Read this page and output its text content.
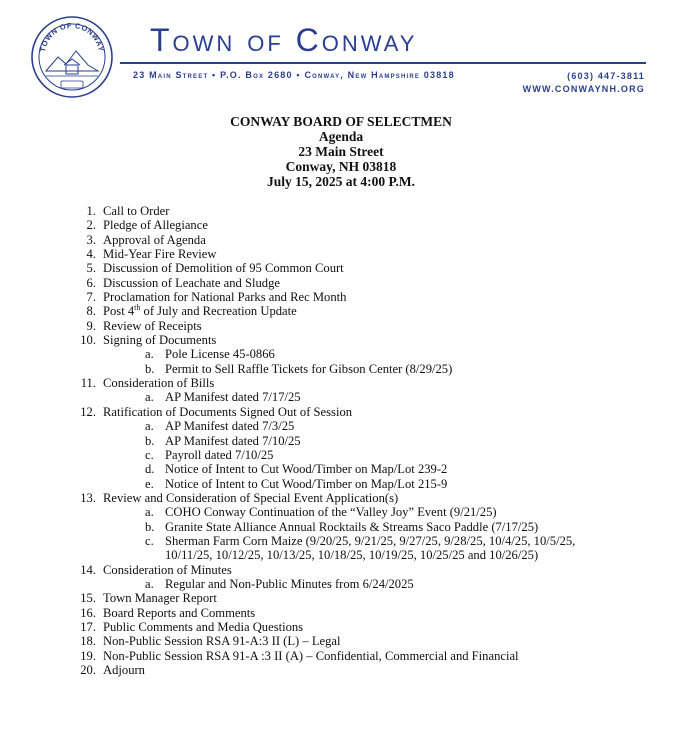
TOWN OF CONWAY Town of Conway
23 Main Street • P.O. Box 2680 • Conway, New Hampshire 03818	(603) 447-3811
WWW.CONWAYNH.ORG
CONWAY BOARD OF SELECTMEN
Agenda
23 Main Street
Conway, NH 03818
July 15, 2025 at 4:00 P.M.
1. Call to Order
2. Pledge of Allegiance
3. Approval of Agenda
4. Mid-Year Fire Review
5. Discussion of Demolition of 95 Common Court
6. Discussion of Leachate and Sludge
7. Proclamation for National Parks and Rec Month
8. Post 4th of July and Recreation Update
9. Review of Receipts
10. Signing of Documents
a. Pole License 45-0866
b. Permit to Sell Raffle Tickets for Gibson Center (8/29/25)
11. Consideration of Bills
a. AP Manifest dated 7/17/25
12. Ratification of Documents Signed Out of Session
a. AP Manifest dated 7/3/25
b. AP Manifest dated 7/10/25
c. Payroll dated 7/10/25
d. Notice of Intent to Cut Wood/Timber on Map/Lot 239-2
e. Notice of Intent to Cut Wood/Timber on Map/Lot 215-9
13. Review and Consideration of Special Event Application(s)
a. COHO Conway Continuation of the “Valley Joy” Event (9/21/25)
b. Granite State Alliance Annual Rocktails & Streams Saco Paddle (7/17/25)
c. Sherman Farm Corn Maize (9/20/25, 9/21/25, 9/27/25, 9/28/25, 10/4/25, 10/5/25,
10/11/25, 10/12/25, 10/13/25, 10/18/25, 10/19/25, 10/25/25 and 10/26/25)
14. Consideration of Minutes
a. Regular and Non-Public Minutes from 6/24/2025
15. Town Manager Report
16. Board Reports and Comments
17. Public Comments and Media Questions
18. Non-Public Session RSA 91-A:3 II (L) – Legal
19. Non-Public Session RSA 91-A :3 II (A) – Confidential, Commercial and Financial
20. Adjourn
